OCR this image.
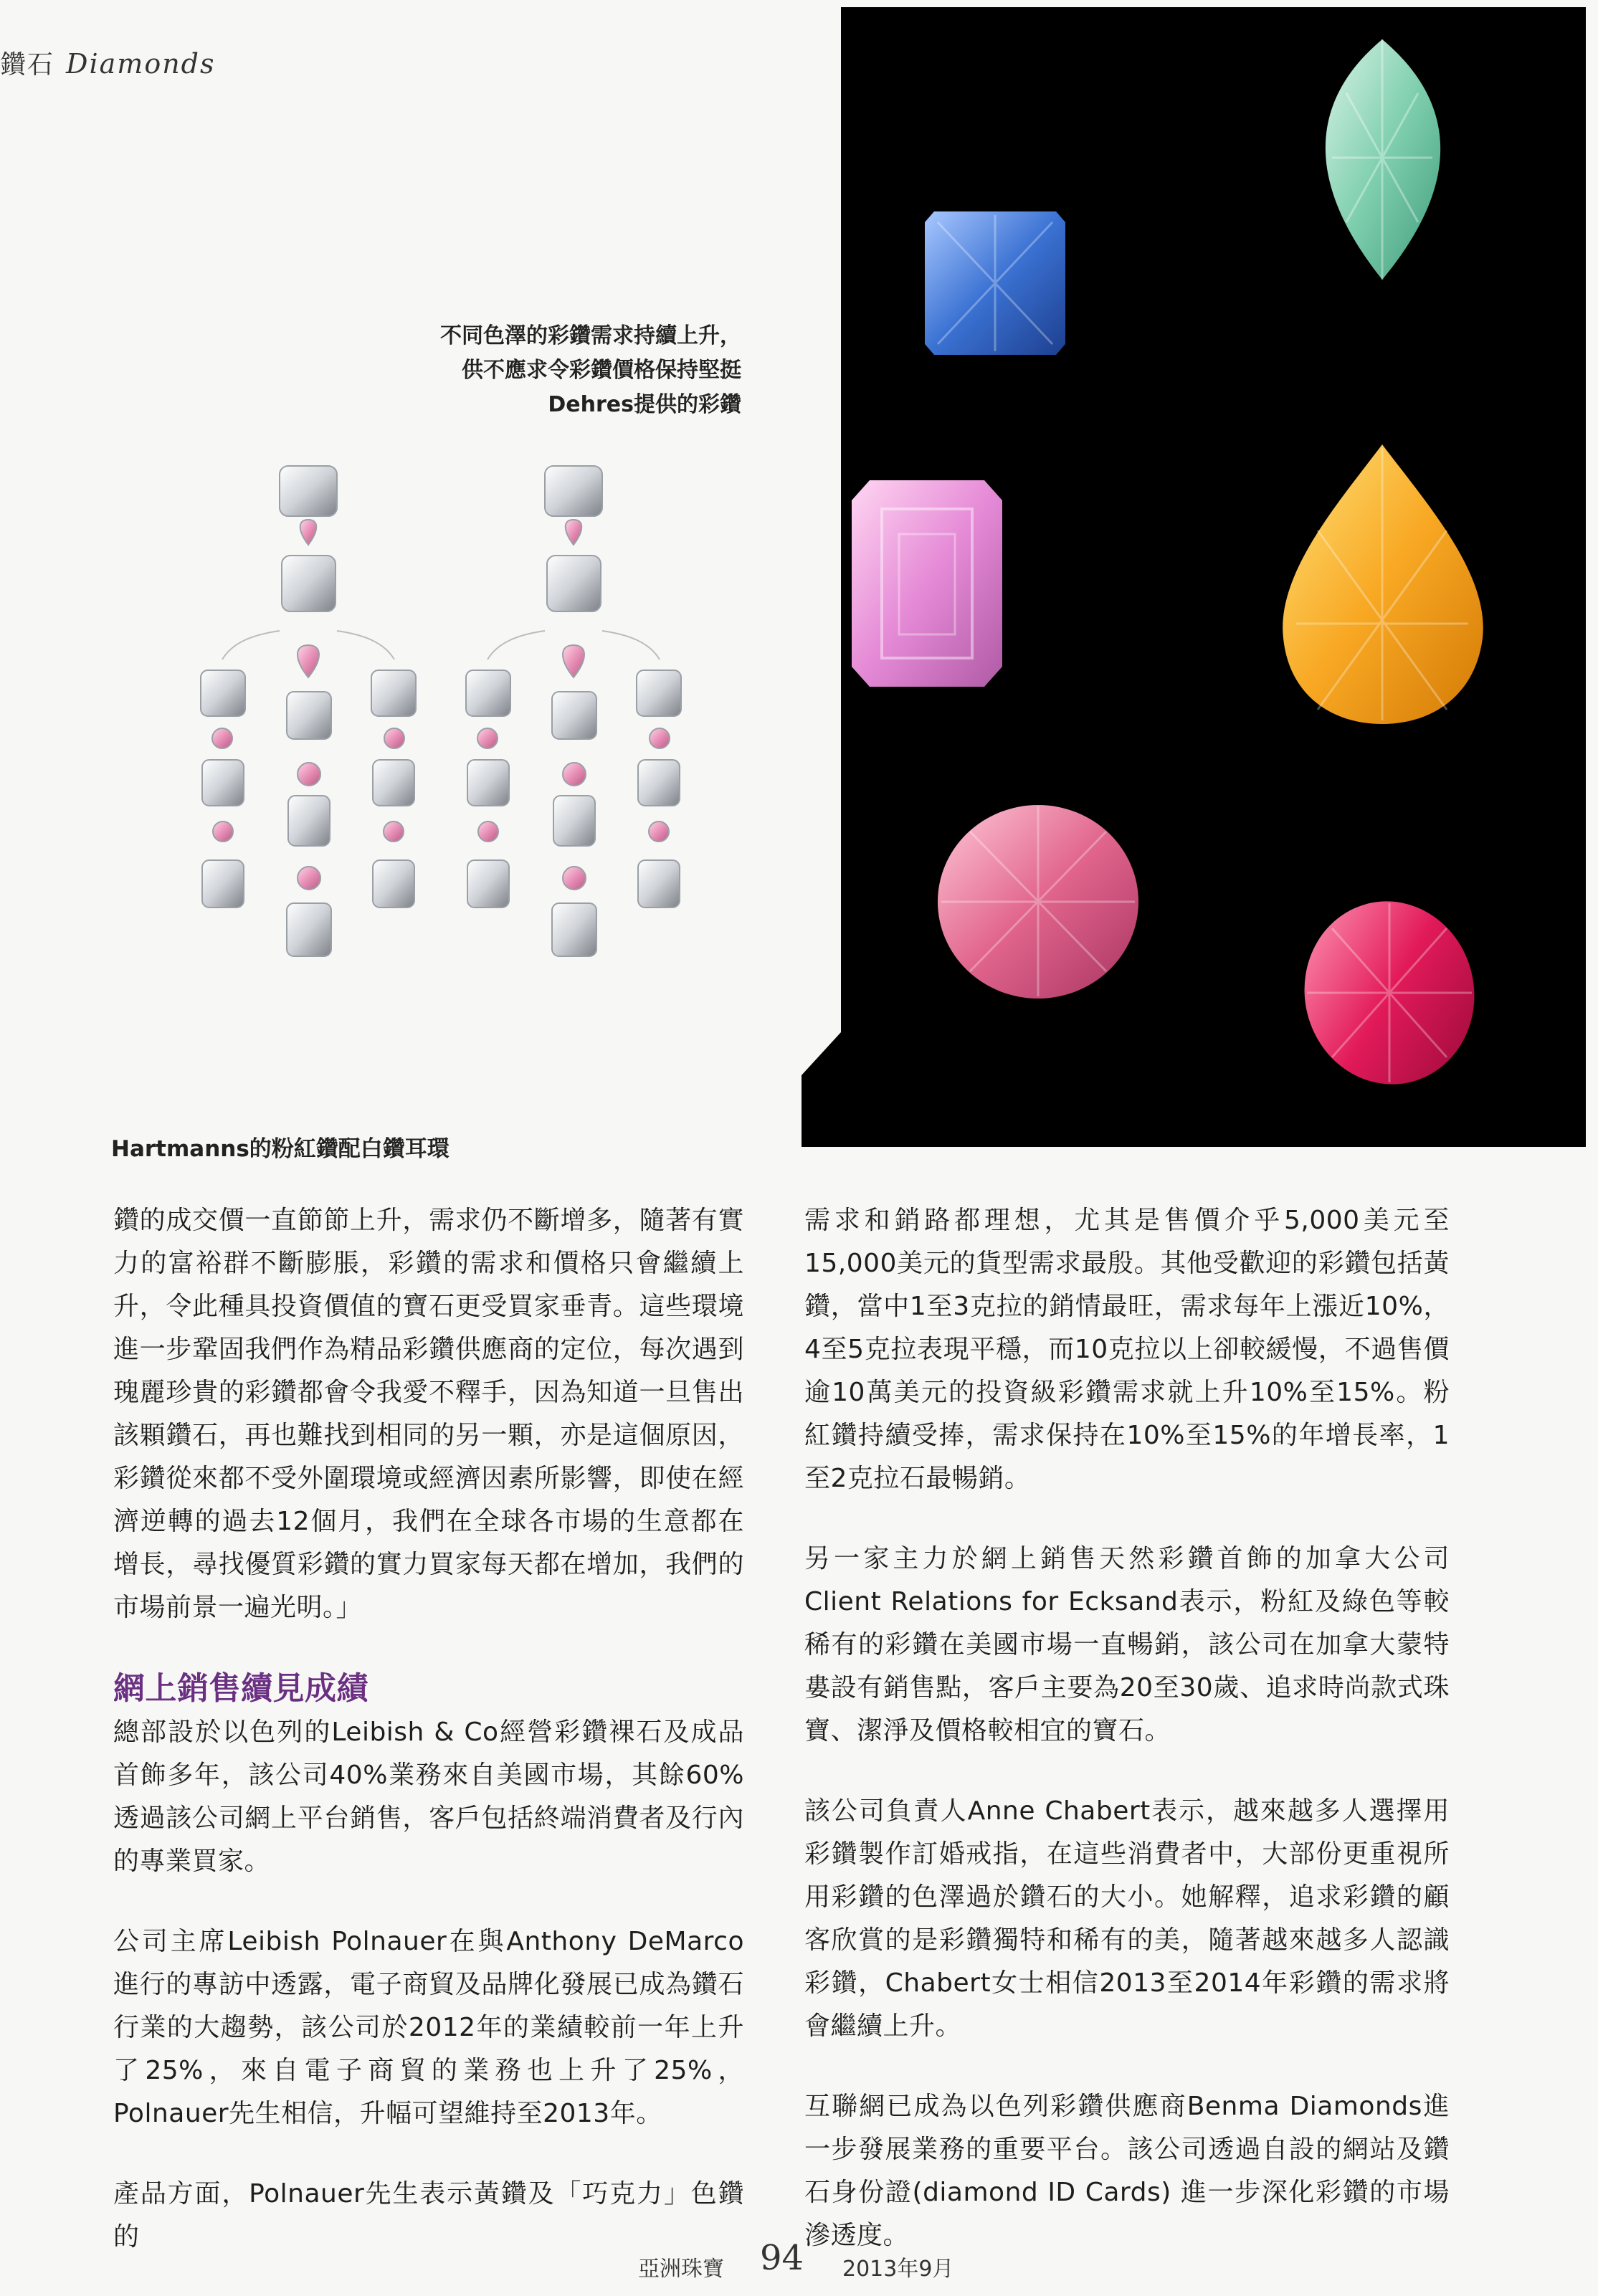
鑽石 Diamonds
不同色澤的彩鑽需求持續上升，
供不應求令彩鑽價格保持堅挺
Dehres提供的彩鑽
Hartmanns的粉紅鑽配白鑽耳環

鑽的成交價一直節節上升，需求仍不斷增多，隨著有實力的富裕群不斷膨脹，彩鑽的需求和價格只會繼續上升，令此種具投資價值的寶石更受買家垂青。這些環境進一步鞏固我們作為精品彩鑽供應商的定位，每次遇到瑰麗珍貴的彩鑽都會令我愛不釋手，因為知道一旦售出該顆鑽石，再也難找到相同的另一顆，亦是這個原因，彩鑽從來都不受外圍環境或經濟因素所影響，即使在經濟逆轉的過去12個月，我們在全球各市場的生意都在增長，尋找優質彩鑽的實力買家每天都在增加，我們的市場前景一遍光明。」

網上銷售續見成績

總部設於以色列的Leibish & Co經營彩鑽裸石及成品首飾多年，該公司40%業務來自美國市場，其餘60%透過該公司網上平台銷售，客戶包括終端消費者及行內的專業買家。

公司主席Leibish Polnauer在與Anthony DeMarco進行的專訪中透露，電子商貿及品牌化發展已成為鑽石行業的大趨勢，該公司於2012年的業績較前一年上升了25%，來自電子商貿的業務也上升了25%，Polnauer先生相信，升幅可望維持至2013年。

產品方面，Polnauer先生表示黃鑽及「巧克力」色鑽的

需求和銷路都理想，尤其是售價介乎5,000美元至15,000美元的貨型需求最殷。其他受歡迎的彩鑽包括黃鑽，當中1至3克拉的銷情最旺，需求每年上漲近10%，4至5克拉表現平穩，而10克拉以上卻較緩慢，不過售價逾10萬美元的投資級彩鑽需求就上升10%至15%。粉紅鑽持續受捧，需求保持在10%至15%的年增長率，1至2克拉石最暢銷。

另一家主力於網上銷售天然彩鑽首飾的加拿大公司Client Relations for Ecksand表示，粉紅及綠色等較稀有的彩鑽在美國市場一直暢銷，該公司在加拿大蒙特婁設有銷售點，客戶主要為20至30歲、追求時尚款式珠寶、潔淨及價格較相宜的寶石。

該公司負責人Anne Chabert表示，越來越多人選擇用彩鑽製作訂婚戒指，在這些消費者中，大部份更重視所用彩鑽的色澤過於鑽石的大小。她解釋，追求彩鑽的顧客欣賞的是彩鑽獨特和稀有的美，隨著越來越多人認識彩鑽，Chabert女士相信2013至2014年彩鑽的需求將會繼續上升。

互聯網已成為以色列彩鑽供應商Benma Diamonds進一步發展業務的重要平台。該公司透過自設的網站及鑽石身份證(diamond ID Cards) 進一步深化彩鑽的市場滲透度。

亞洲珠寶 94 2013年9月
